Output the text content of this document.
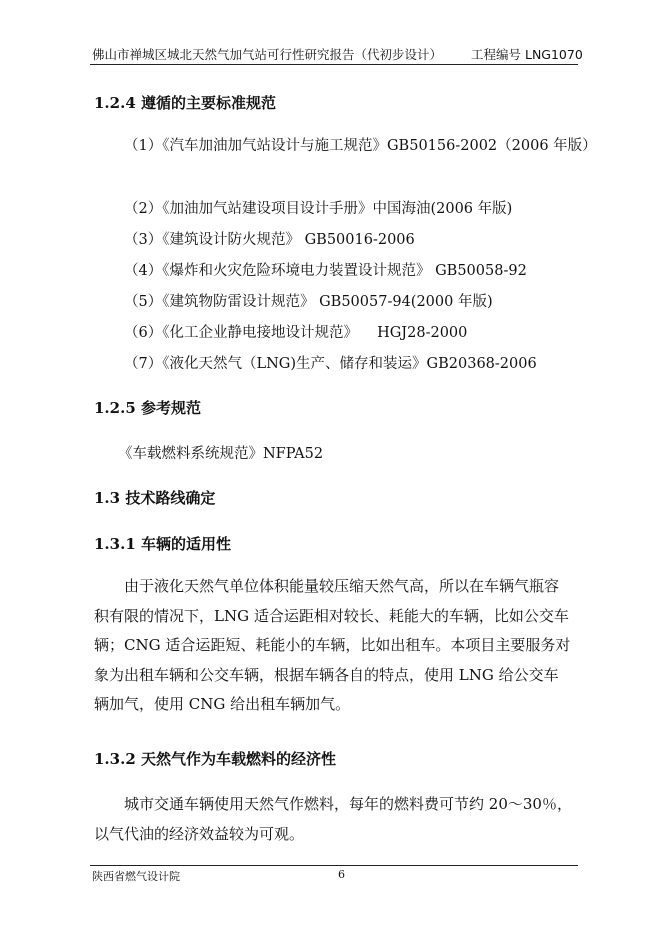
佛山市禅城区城北天然气加气站可行性研究报告（代初步设计） 工程编号 LNG1070
1.2.4 遵循的主要标准规范
（1）《汽车加油加气站设计与施工规范》GB50156-2002（2006 年版）
（2）《加油加气站建设项目设计手册》中国海油(2006 年版)
（3）《建筑设计防火规范》 GB50016-2006
（4）《爆炸和火灾危险环境电力装置设计规范》 GB50058-92
（5）《建筑物防雷设计规范》 GB50057-94(2000 年版)
（6）《化工企业静电接地设计规范》 　HGJ28-2000
（7）《液化天然气（LNG)生产、储存和装运》GB20368-2006
1.2.5 参考规范
《车载燃料系统规范》NFPA52
1.3 技术路线确定
1.3.1 车辆的适用性
由于液化天然气单位体积能量较压缩天然气高，所以在车辆气瓶容
积有限的情况下，LNG 适合运距相对较长、耗能大的车辆，比如公交车
辆；CNG 适合运距短、耗能小的车辆，比如出租车。本项目主要服务对
象为出租车辆和公交车辆，根据车辆各自的特点，使用 LNG 给公交车
辆加气，使用 CNG 给出租车辆加气。
1.3.2 天然气作为车载燃料的经济性
城市交通车辆使用天然气作燃料，每年的燃料费可节约 20～30％，
以气代油的经济效益较为可观。
陕西省燃气设计院	6
